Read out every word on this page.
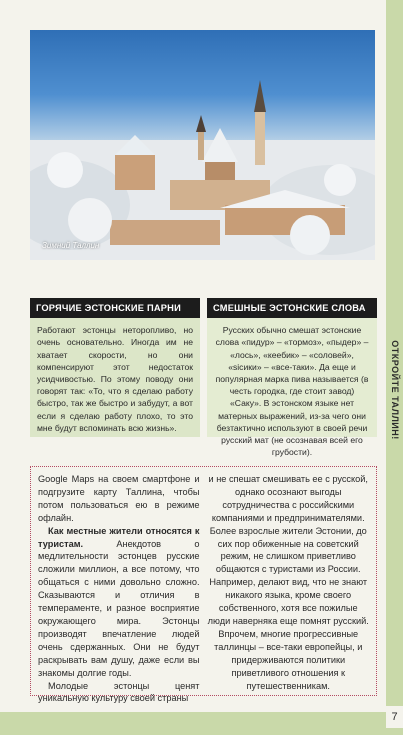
Зимний Таллин
ОТКРОЙТЕ ТАЛЛИН!
ГОРЯЧИЕ ЭСТОНСКИЕ ПАРНИ
Работают эстонцы неторопливо, но очень основательно. Иногда им не хватает скорости, но они компенсируют этот недостаток усидчивостью. По этому поводу они говорят так: «То, что я сделаю работу быстро, так же быстро и забудут, а вот если я сделаю работу плохо, то это мне будут вспоминать всю жизнь».
СМЕШНЫЕ ЭСТОНСКИЕ СЛОВА
Русских обычно смешат эстонские слова «пидур» – «тормоз», «пыдер» – «лось», «кеебик» – «соловей», «siсики» – «все-таки». Да еще и популярная марка пива называется (в честь городка, где стоит завод) «Саку». В эстонском языке нет матерных выражений, из-за чего они безтактично используют в своей речи русский мат (не осознавая всей его грубости).

Google Maps на своем смартфоне и подгрузите карту Таллина, чтобы потом пользоваться ею в режиме офлайн.

Как местные жители относятся к туристам. Анекдотов о медлительности эстонцев русские сложили миллион, а все потому, что общаться с ними довольно сложно. Сказываются и отличия в темпераменте, и разное восприятие окружающего мира. Эстонцы производят впечатление людей очень сдержанных. Они не будут раскрывать вам душу, даже если вы знакомы долгие годы.

Молодые эстонцы ценят уникальную культуру своей страны

и не спешат смешивать ее с русской, однако осознают выгоды сотрудничества с российскими компаниями и предпринимателями. Более взрослые жители Эстонии, до сих пор обиженные на советский режим, не слишком приветливо общаются с туристами из России. Например, делают вид, что не знают никакого языка, кроме своего собственного, хотя все пожилые люди наверняка еще помнят русский. Впрочем, многие прогрессивные таллинцы – все-таки европейцы, и придерживаются политики приветливого отношения к путешественникам.

7
